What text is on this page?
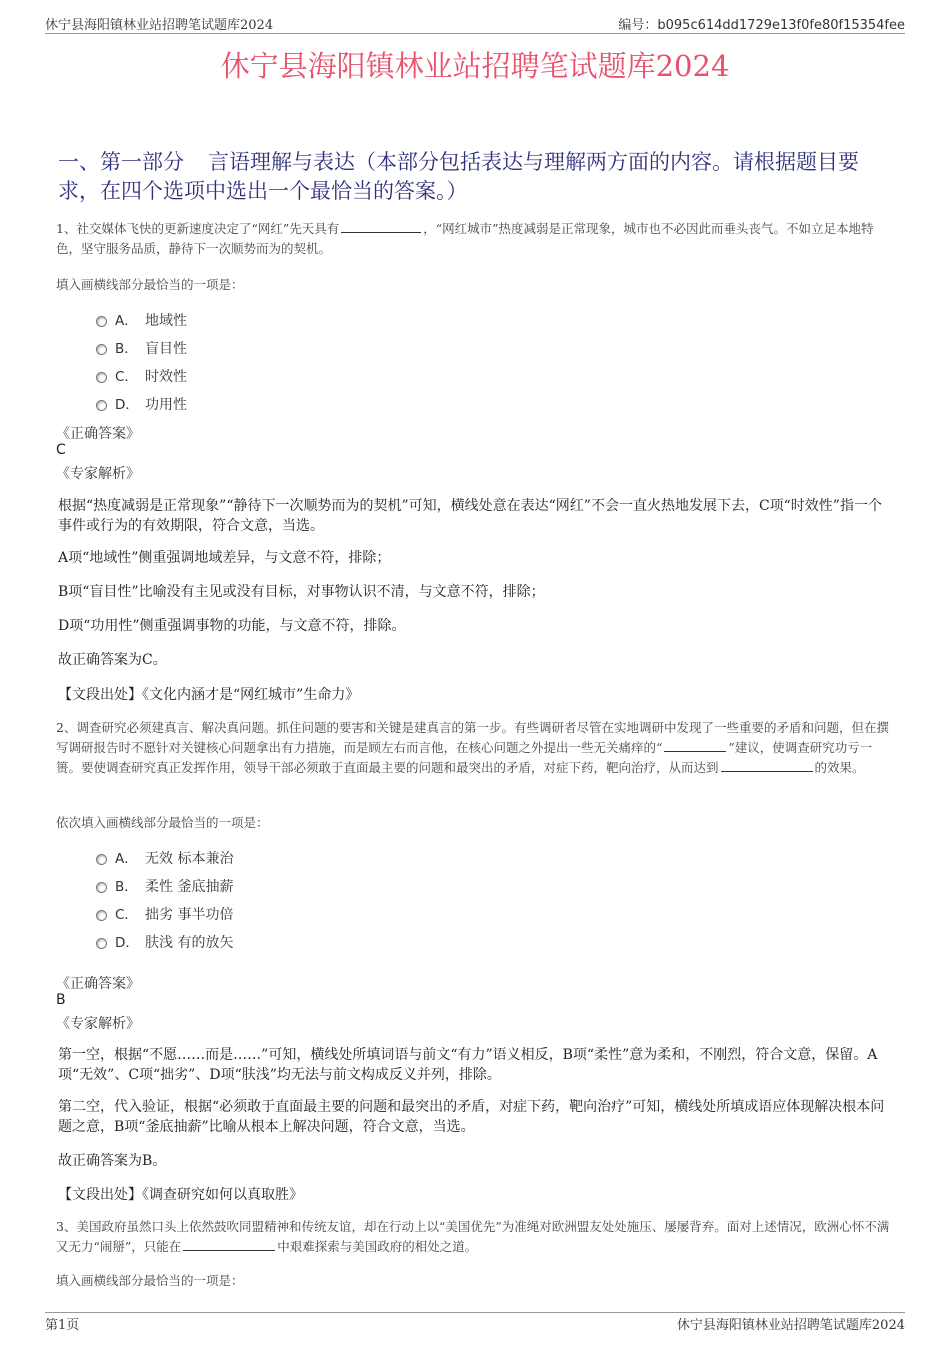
休宁县海阳镇林业站招聘笔试题库2024	编号：b095c614dd1729e13f0fe80f15354fee
休宁县海阳镇林业站招聘笔试题库2024
一、第一部分 言语理解与表达（本部分包括表达与理解两方面的内容。请根据题目要求，在四个选项中选出一个最恰当的答案。）
1、社交媒体飞快的更新速度决定了“网红”先天具有	，“网红城市”热度减弱是正常现象，城市也不必因此而垂头丧气。不如立足本地特色，坚守服务品质，静待下一次顺势而为的契机。
填入画横线部分最恰当的一项是：
A． 地域性
B． 盲目性
C． 时效性
D． 功用性
《正确答案》
C
《专家解析》
根据“热度减弱是正常现象”“静待下一次顺势而为的契机”可知，横线处意在表达“网红”不会一直火热地发展下去，C项“时效性”指一个事件或行为的有效期限，符合文意，当选。
A项“地域性”侧重强调地域差异，与文意不符，排除；
B项“盲目性”比喻没有主见或没有目标，对事物认识不清，与文意不符，排除；
D项“功用性”侧重强调事物的功能，与文意不符，排除。
故正确答案为C。
【文段出处】《文化内涵才是“网红城市”生命力》
2、调查研究必须建真言、解决真问题。抓住问题的要害和关键是建真言的第一步。有些调研者尽管在实地调研中发现了一些重要的矛盾和问题，但在撰写调研报告时不愿针对关键核心问题拿出有力措施，而是顾左右而言他，在核心问题之外提出一些无关痛痒的“	”建议，使调查研究功亏一篑。要使调查研究真正发挥作用，领导干部必须敢于直面最主要的问题和最突出的矛盾，对症下药，靶向治疗，从而达到	的效果。
依次填入画横线部分最恰当的一项是：
A． 无效 标本兼治
B． 柔性 釜底抽薪
C． 拙劣 事半功倍
D． 肤浅 有的放矢
《正确答案》
B
《专家解析》
第一空，根据“不愿……而是……”可知，横线处所填词语与前文“有力”语义相反，B项“柔性”意为柔和，不刚烈，符合文意，保留。A项“无效”、C项“拙劣”、D项“肤浅”均无法与前文构成反义并列，排除。
第二空，代入验证，根据“必须敢于直面最主要的问题和最突出的矛盾，对症下药，靶向治疗”可知，横线处所填成语应体现解决根本问题之意，B项“釜底抽薪”比喻从根本上解决问题，符合文意，当选。
故正确答案为B。
【文段出处】《调查研究如何以真取胜》
3、美国政府虽然口头上依然鼓吹同盟精神和传统友谊，却在行动上以“美国优先”为准绳对欧洲盟友处处施压、屡屡背弃。面对上述情况，欧洲心怀不满又无力“闹掰”，只能在	中艰难探索与美国政府的相处之道。
填入画横线部分最恰当的一项是：
第1页	休宁县海阳镇林业站招聘笔试题库2024
